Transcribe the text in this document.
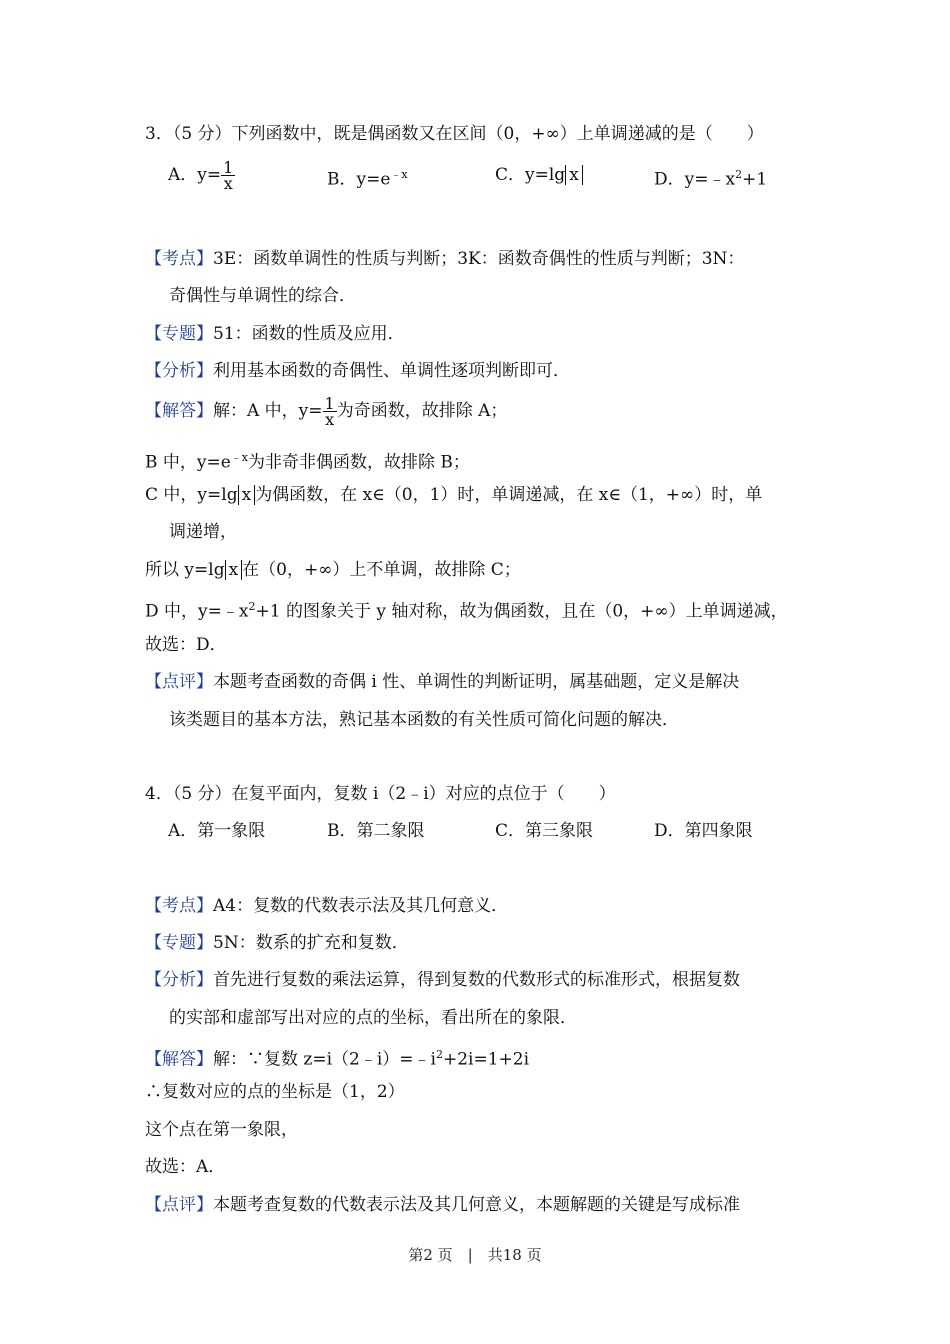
3．（5 分）下列函数中，既是偶函数又在区间（0，+∞）上单调递减的是（　　）
A．$y= \frac{1}{x}$	B．$y=e^{﹣x}$	C．y=lg x	D．$y=﹣x^2+1$
【考点】3E：函数单调性的性质与判断；3K：函数奇偶性的性质与判断；3N：
奇偶性与单调性的综合．
【专题】51：函数的性质及应用．
【分析】利用基本函数的奇偶性、单调性逐项判断即可．
【解答】解：A 中，$y= \frac{1}{x}$ 为奇函数，故排除 A；
B 中，$y=e^{﹣x}$为非奇非偶函数，故排除 B；
C 中，y=lg x 为偶函数，在 x∈（0，1）时，单调递减，在 x∈（1，+∞）时，单
调递增，
所以 y=lg x 在（0，+∞）上不单调，故排除 C；
D 中，$y=﹣x^2+1$ 的图象关于 y 轴对称，故为偶函数，且在（0，+∞）上单调递减，
故选：D．
【点评】本题考查函数的奇偶 i 性、单调性的判断证明，属基础题，定义是解决
该类题目的基本方法，熟记基本函数的有关性质可简化问题的解决．
4．（5 分）在复平面内，复数 i（2﹣i）对应的点位于（　　）
A．第一象限	B．第二象限	C．第三象限	D．第四象限
【考点】A4：复数的代数表示法及其几何意义．
【专题】5N：数系的扩充和复数．
【分析】首先进行复数的乘法运算，得到复数的代数形式的标准形式，根据复数
的实部和虚部写出对应的点的坐标，看出所在的象限．
【解答】解：∵复数 $z=i(2﹣i)=﹣i^2+2i=1+2i$
∴复数对应的点的坐标是（1，2）
这个点在第一象限，
故选：A．
【点评】本题考查复数的代数表示法及其几何意义，本题解题的关键是写成标准
第2 页　|　共18 页
